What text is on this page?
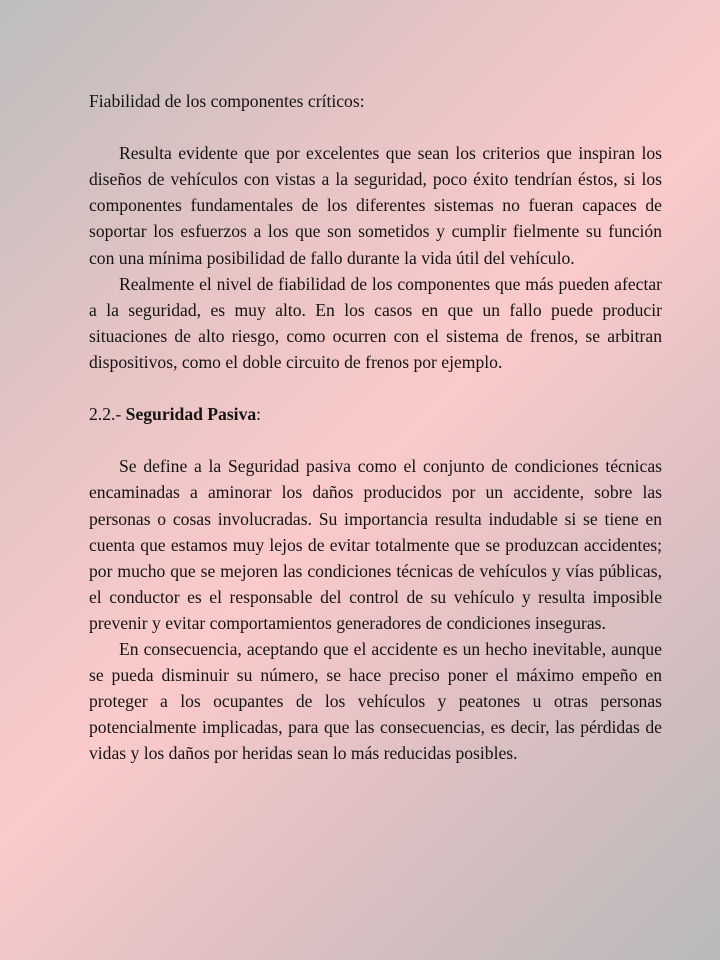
Fiabilidad de los componentes críticos:

Resulta evidente que por excelentes que sean los criterios que inspiran los diseños de vehículos con vistas a la seguridad, poco éxito tendrían éstos, si los componentes fundamentales de los diferentes sistemas no fueran capaces de soportar los esfuerzos a los que son sometidos y cumplir fielmente su función con una mínima posibilidad de fallo durante la vida útil del vehículo.

Realmente el nivel de fiabilidad de los componentes que más pueden afectar a la seguridad, es muy alto. En los casos en que un fallo puede producir situaciones de alto riesgo, como ocurren con el sistema de frenos, se arbitran dispositivos, como el doble circuito de frenos por ejemplo.

2.2.- Seguridad Pasiva:

Se define a la Seguridad pasiva como el conjunto de condiciones técnicas encaminadas a aminorar los daños producidos por un accidente, sobre las personas o cosas involucradas. Su importancia resulta indudable si se tiene en cuenta que estamos muy lejos de evitar totalmente que se produzcan accidentes; por mucho que se mejoren las condiciones técnicas de vehículos y vías públicas, el conductor es el responsable del control de su vehículo y resulta imposible prevenir y evitar comportamientos generadores de condiciones inseguras.

En consecuencia, aceptando que el accidente es un hecho inevitable, aunque se pueda disminuir su número, se hace preciso poner el máximo empeño en proteger a los ocupantes de los vehículos y peatones u otras personas potencialmente implicadas, para que las consecuencias, es decir, las pérdidas de vidas y los daños por heridas sean lo más reducidas posibles.
